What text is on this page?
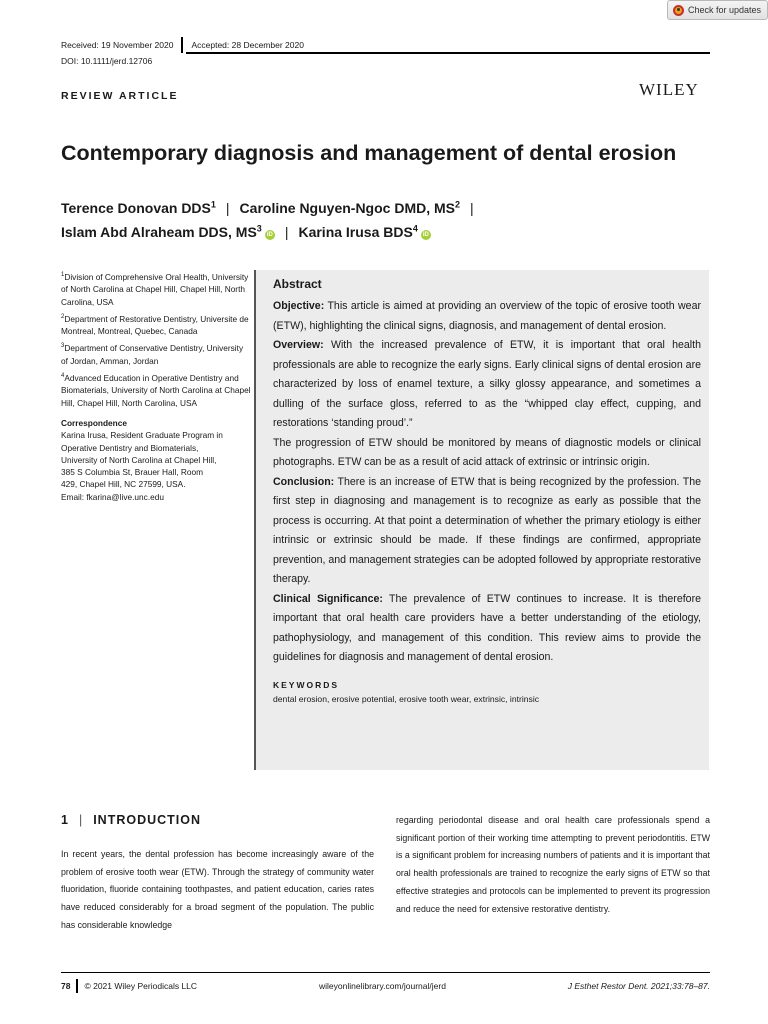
Check for updates
Received: 19 November 2020 Accepted: 28 December 2020
DOI: 10.1111/jerd.12706
REVIEW ARTICLE	WILEY
Contemporary diagnosis and management of dental erosion
Terence Donovan DDS$^1$ | Caroline Nguyen-Ngoc DMD, $MS^2$ |
Islam Abd Alraheam DDS, $MS^3iD$ | Karina Irusa BDS$^4$iD

$^1$Division of Comprehensive Oral Health, University of North Carolina at Chapel Hill, Chapel Hill, North Carolina, USA

$^2$Department of Restorative Dentistry, Universite de Montreal, Montreal, Quebec, Canada

$^3$Department of Conservative Dentistry, University of Jordan, Amman, Jordan

$^4$Advanced Education in Operative Dentistry and Biomaterials, University of North Carolina at Chapel Hill, Chapel Hill, North Carolina, USA

Correspondence
Karina Irusa, Resident Graduate Program in
Operative Dentistry and Biomaterials,
University of North Carolina at Chapel Hill,
385 S Columbia St, Brauer Hall, Room
429, Chapel Hill, NC 27599, USA.
Email: fkarina@live.unc.edu
Abstract
Objective: This article is aimed at providing an overview of the topic of erosive tooth wear (ETW), highlighting the clinical signs, diagnosis, and management of dental erosion.
Overview: With the increased prevalence of ETW, it is important that oral health professionals are able to recognize the early signs. Early clinical signs of dental erosion are characterized by loss of enamel texture, a silky glossy appearance, and sometimes a dulling of the surface gloss, referred to as the “whipped clay effect, cupping, and restorations ‘standing proud’.”
The progression of ETW should be monitored by means of diagnostic models or clinical photographs. ETW can be as a result of acid attack of extrinsic or intrinsic origin.
Conclusion: There is an increase of ETW that is being recognized by the profession. The first step in diagnosing and management is to recognize as early as possible that the process is occurring. At that point a determination of whether the primary etiology is either intrinsic or extrinsic should be made. If these findings are confirmed, appropriate prevention, and management strategies can be adopted followed by appropriate restorative therapy.
Clinical Significance: The prevalence of ETW continues to increase. It is therefore important that oral health care providers have a better understanding of the etiology, pathophysiology, and management of this condition. This review aims to provide the guidelines for diagnosis and management of dental erosion.
KEYWORDS
dental erosion, erosive potential, erosive tooth wear, extrinsic, intrinsic
1 | INTRODUCTION
In recent years, the dental profession has become increasingly aware of the problem of erosive tooth wear (ETW). Through the strategy of community water fluoridation, fluoride containing toothpastes, and patient education, caries rates have reduced considerably for a broad segment of the population. The public has considerable knowledge
regarding periodontal disease and oral health care professionals spend a significant portion of their working time attempting to prevent periodontitis. ETW is a significant problem for increasing numbers of patients and it is important that oral health professionals are trained to recognize the early signs of ETW so that effective strategies and protocols can be implemented to prevent its progression and reduce the need for extensive restorative dentistry.
78 © 2021 Wiley Periodicals LLC	wileyonlinelibrary.com/journal/jerd	J Esthet Restor Dent. 2021;33:78–87.
